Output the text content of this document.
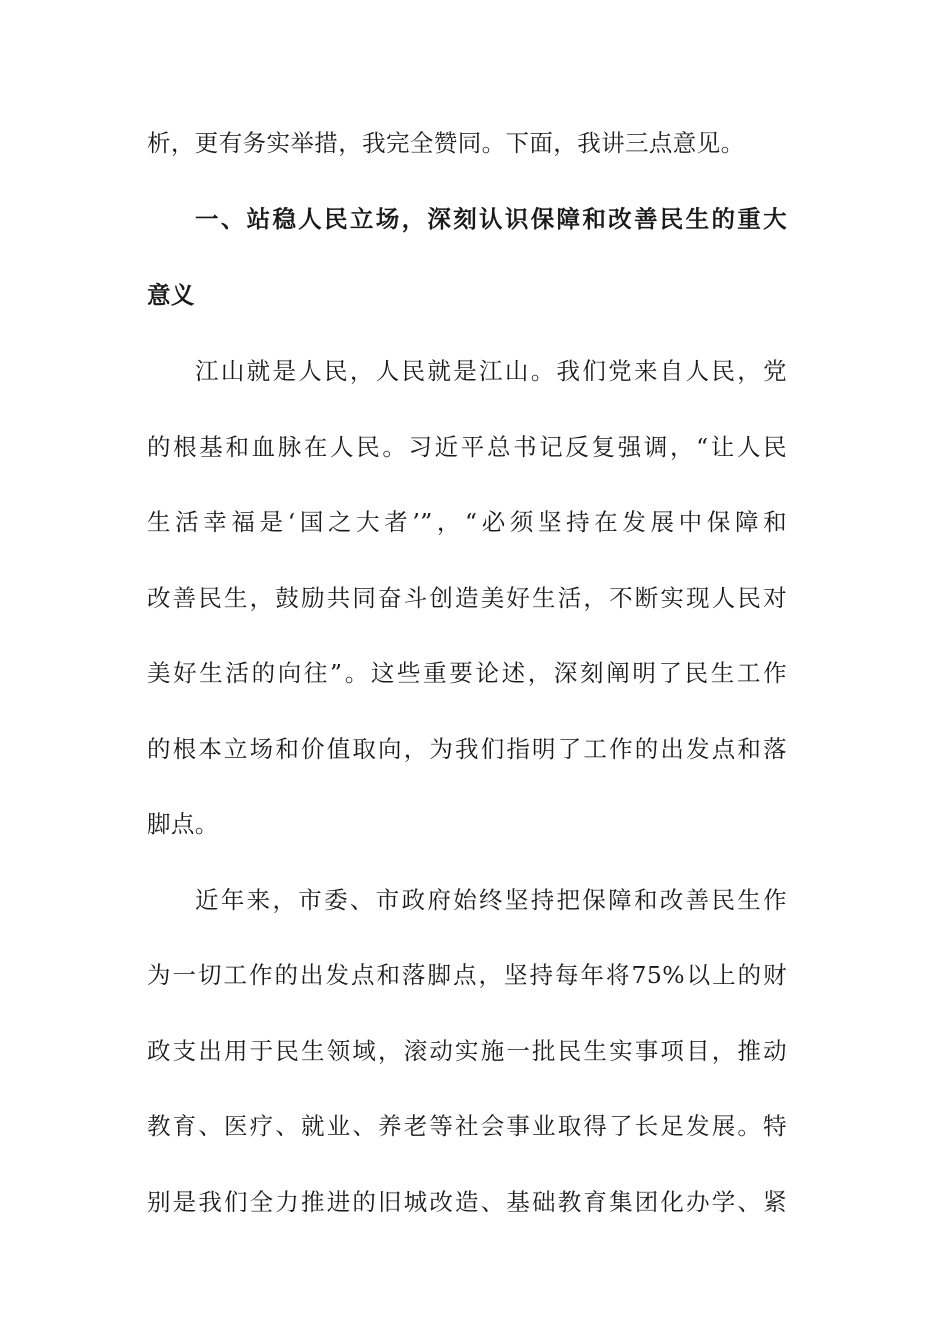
析，更有务实举措，我完全赞同。下面，我讲三点意见。
一、站稳人民立场，深刻认识保障和改善民生的重大
意义
江山就是人民，人民就是江山。我们党来自人民，党
的根基和血脉在人民。习近平总书记反复强调，“让人民
生活幸福是‘国之大者’”，“必须坚持在发展中保障和
改善民生，鼓励共同奋斗创造美好生活，不断实现人民对
美好生活的向往”。这些重要论述，深刻阐明了民生工作
的根本立场和价值取向，为我们指明了工作的出发点和落
脚点。
近年来，市委、市政府始终坚持把保障和改善民生作
为一切工作的出发点和落脚点，坚持每年将75%以上的财
政支出用于民生领域，滚动实施一批民生实事项目，推动
教育、医疗、就业、养老等社会事业取得了长足发展。特
别是我们全力推进的旧城改造、基础教育集团化办学、紧
